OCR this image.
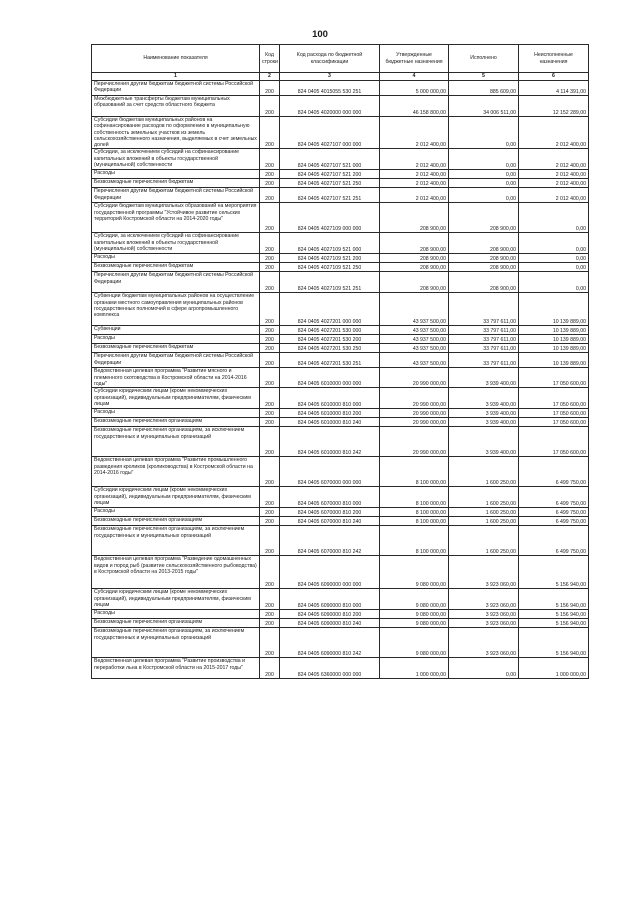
100
Наименование показателя	Код строки	Код расхода по бюджетной классификации	Утвержденные бюджетные назначения	Исполнено	Неисполненные назначения
1	2	3	4	5	6
Перечисления другим бюджетам бюджетной системы Российской Федерации	200	824 0405 4015055 530 251	5 000 000,00	885 609,00	4 114 391,00
Межбюджетные трансферты бюджетам муниципальных образований за счет средств областного бюджета	200	824 0405 4020000 000 000	46 158 800,00	34 006 511,00	12 152 289,00
Субсидии бюджетам муниципальных районов на софинансирование расходов по оформлению в муниципальную собственность земельных участков из земель сельскохозяйственного назначения, выделяемых в счет земельных долей	200	824 0405 4027107 000 000	2 012 400,00	0,00	2 012 400,00
Субсидии, за исключением субсидий на софинансирование капитальных вложений в объекты государственной (муниципальной) собственности	200	824 0405 4027107 521 000	2 012 400,00	0,00	2 012 400,00
Расходы	200	824 0405 4027107 521 200	2 012 400,00	0,00	2 012 400,00
Безвозмездные перечисления бюджетам	200	824 0405 4027107 521 250	2 012 400,00	0,00	2 012 400,00
Перечисления другим бюджетам бюджетной системы Российской Федерации	200	824 0405 4027107 521 251	2 012 400,00	0,00	2 012 400,00
Субсидии бюджетам муниципальных образований на мероприятия государственной программы "Устойчивое развитие сельских территорий Костромской области на 2014-2020 годы"	200	824 0405 4027109 000 000	208 900,00	208 900,00	0,00
Субсидии, за исключением субсидий на софинансирование капитальных вложений в объекты государственной (муниципальной) собственности	200	824 0405 4027109 521 000	208 900,00	208 900,00	0,00
Расходы	200	824 0405 4027109 521 200	208 900,00	208 900,00	0,00
Безвозмездные перечисления бюджетам	200	824 0405 4027109 521 250	208 900,00	208 900,00	0,00
Перечисления другим бюджетам бюджетной системы Российской Федерации	200	824 0405 4027109 521 251	208 900,00	208 900,00	0,00
Субвенции бюджетам муниципальных районов на осуществление органами местного самоуправления муниципальных районов государственных полномочий в сфере агропромышленного комплекса	200	824 0405 4027201 000 000	43 937 500,00	33 797 611,00	10 139 889,00
Субвенции	200	824 0405 4027201 530 000	43 937 500,00	33 797 611,00	10 139 889,00
Расходы	200	824 0405 4027201 530 200	43 937 500,00	33 797 611,00	10 139 889,00
Безвозмездные перечисления бюджетам	200	824 0405 4027201 530 250	43 937 500,00	33 797 611,00	10 139 889,00
Перечисления другим бюджетам бюджетной системы Российской Федерации	200	824 0405 4027201 530 251	43 937 500,00	33 797 611,00	10 139 889,00
Ведомственная целевая программа "Развитие мясного и племенного скотоводства в Костромской области на 2014-2016 годы"	200	824 0405 6010000 000 000	20 990 000,00	3 939 400,00	17 050 600,00
Субсидии юридическим лицам (кроме некоммерческих организаций), индивидуальным предпринимателям, физическим лицам	200	824 0405 6010000 810 000	20 990 000,00	3 939 400,00	17 050 600,00
Расходы	200	824 0405 6010000 810 200	20 990 000,00	3 939 400,00	17 050 600,00
Безвозмездные перечисления организациям	200	824 0405 6010000 810 240	20 990 000,00	3 939 400,00	17 050 600,00
Безвозмездные перечисления организациям, за исключением государственных и муниципальных организаций	200	824 0405 6010000 810 242	20 990 000,00	3 939 400,00	17 050 600,00
Ведомственная целевая программа "Развитие промышленного разведения кроликов (кролиководства) в Костромской области на 2014-2016 годы"	200	824 0405 6070000 000 000	8 100 000,00	1 600 250,00	6 499 750,00
Субсидии юридическим лицам (кроме некоммерческих организаций), индивидуальным предпринимателям, физическим лицам	200	824 0405 6070000 810 000	8 100 000,00	1 600 250,00	6 499 750,00
Расходы	200	824 0405 6070000 810 200	8 100 000,00	1 600 250,00	6 499 750,00
Безвозмездные перечисления организациям	200	824 0405 6070000 810 240	8 100 000,00	1 600 250,00	6 499 750,00
Безвозмездные перечисления организациям, за исключением государственных и муниципальных организаций	200	824 0405 6070000 810 242	8 100 000,00	1 600 250,00	6 499 750,00
Ведомственная целевая программа "Разведение одомашненных видов и пород рыб (развитие сельскохозяйственного рыбоводства) в Костромской области на 2013-2015 годы"	200	824 0405 6090000 000 000	9 080 000,00	3 923 060,00	5 156 940,00
Субсидии юридическим лицам (кроме некоммерческих организаций), индивидуальным предпринимателям, физическим лицам	200	824 0405 6090000 810 000	9 080 000,00	3 923 060,00	5 156 940,00
Расходы	200	824 0405 6090000 810 200	9 080 000,00	3 923 060,00	5 156 940,00
Безвозмездные перечисления организациям	200	824 0405 6090000 810 240	9 080 000,00	3 923 060,00	5 156 940,00
Безвозмездные перечисления организациям, за исключением государственных и муниципальных организаций	200	824 0405 6090000 810 242	9 080 000,00	3 923 060,00	5 156 940,00
Ведомственная целевая программа "Развитие производства и переработки льна в Костромской области на 2015-2017 годы"	200	824 0405 6360000 000 000	1 000 000,00	0,00	1 000 000,00
